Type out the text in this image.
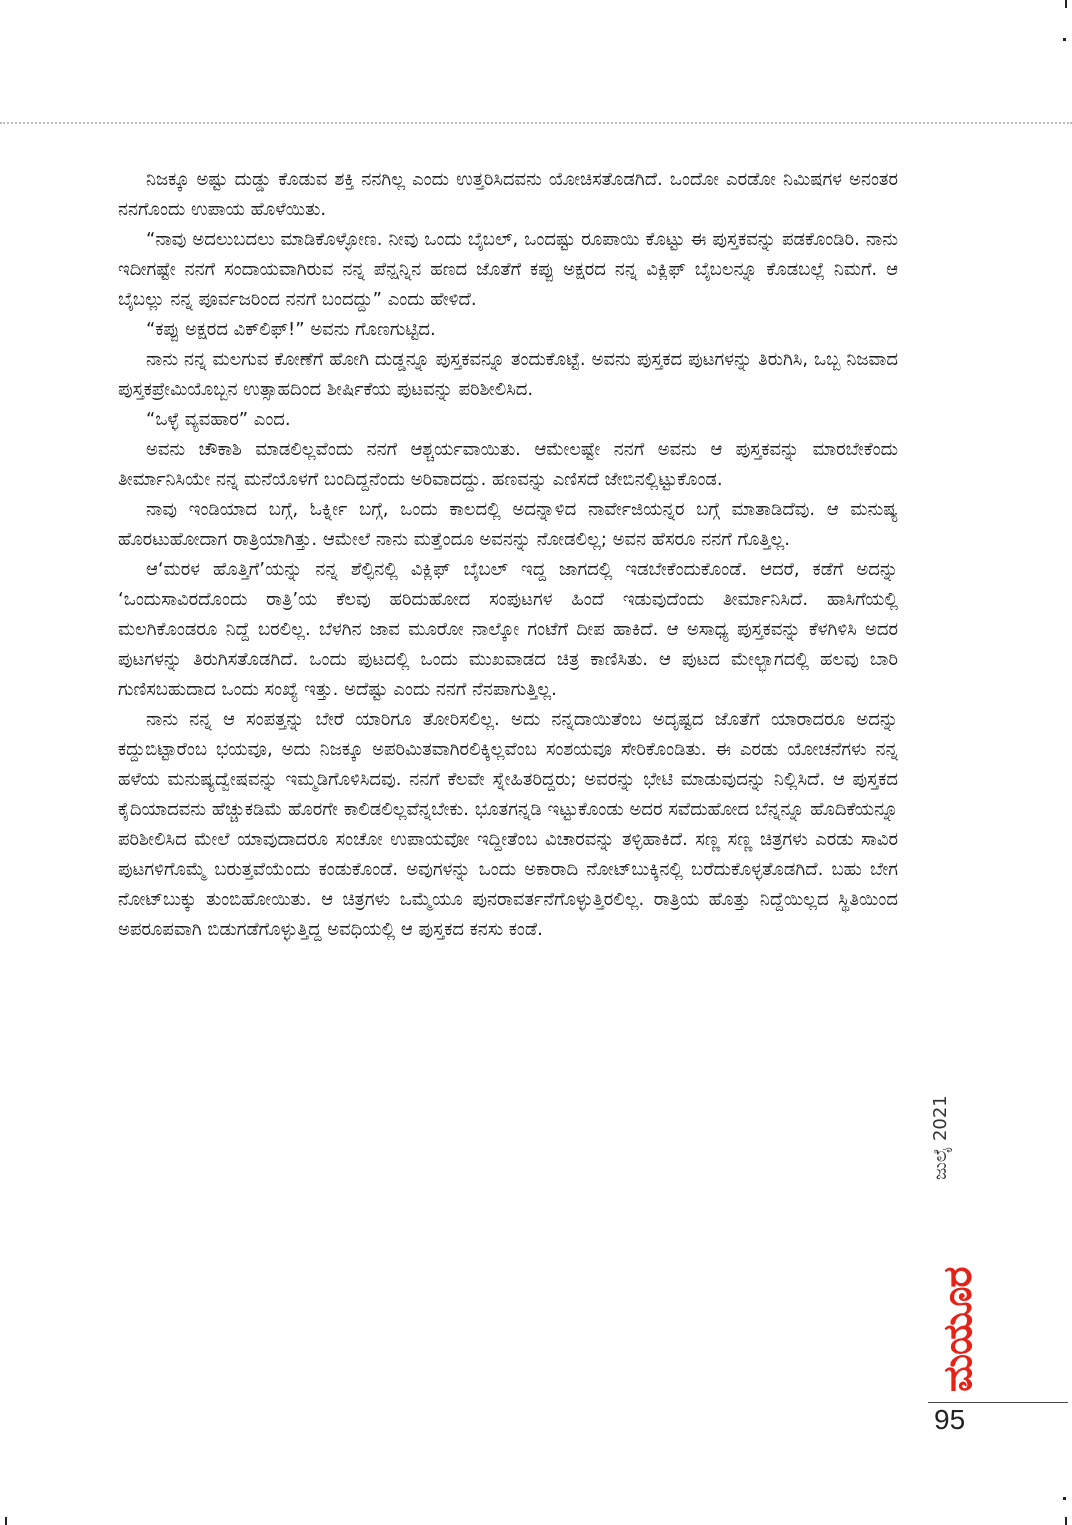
ನಿಜಕ್ಕೂ ಅಷ್ಟು ದುಡ್ಡು ಕೊಡುವ ಶಕ್ತಿ ನನಗಿಲ್ಲ ಎಂದು ಉತ್ತರಿಸಿದವನು ಯೋಚಿಸತೊಡಗಿದೆ. ಒಂದೋ ಎರಡೋ ನಿಮಿಷಗಳ ಅನಂತರ ನನಗೊಂದು ಉಪಾಯ ಹೊಳೆಯಿತು.

“ನಾವು ಅದಲುಬದಲು ಮಾಡಿಕೊಳ್ಳೋಣ. ನೀವು ಒಂದು ಬೈಬಲ್, ಒಂದಷ್ಟು ರೂಪಾಯಿ ಕೊಟ್ಟು ಈ ಪುಸ್ತಕವನ್ನು ಪಡಕೊಂಡಿರಿ. ನಾನು ಇದೀಗಷ್ಟೇ ನನಗೆ ಸಂದಾಯವಾಗಿರುವ ನನ್ನ ಪೆನ್ಷನ್ನಿನ ಹಣದ ಜೊತೆಗೆ ಕಪ್ಪು ಅಕ್ಷರದ ನನ್ನ ವಿಕ್ಲಿಫ್ ಬೈಬಲನ್ನೂ ಕೊಡಬಲ್ಲೆ ನಿಮಗೆ. ಆ ಬೈಬಲ್ಲು ನನ್ನ ಪೂರ್ವಜರಿಂದ ನನಗೆ ಬಂದದ್ದು” ಎಂದು ಹೇಳಿದೆ.

“ಕಪ್ಪು ಅಕ್ಷರದ ವಿಕ್‌ಲಿಫ್!” ಅವನು ಗೊಣಗುಟ್ಟಿದ.

ನಾನು ನನ್ನ ಮಲಗುವ ಕೋಣೆಗೆ ಹೋಗಿ ದುಡ್ಡನ್ನೂ ಪುಸ್ತಕವನ್ನೂ ತಂದುಕೊಟ್ಟೆ. ಅವನು ಪುಸ್ತಕದ ಪುಟಗಳನ್ನು ತಿರುಗಿಸಿ, ಒಬ್ಬ ನಿಜವಾದ ಪುಸ್ತಕಪ್ರೇಮಿಯೊಬ್ಬನ ಉತ್ಸಾಹದಿಂದ ಶೀರ್ಷಿಕೆಯ ಪುಟವನ್ನು ಪರಿಶೀಲಿಸಿದ.

“ಒಳ್ಳೆ ವ್ಯವಹಾರ” ಎಂದ.

ಅವನು ಚೌಕಾಶಿ ಮಾಡಲಿಲ್ಲವೆಂದು ನನಗೆ ಆಶ್ಚರ್ಯವಾಯಿತು. ಆಮೇಲಷ್ಟೇ ನನಗೆ ಅವನು ಆ ಪುಸ್ತಕವನ್ನು ಮಾರಬೇಕೆಂದು ತೀರ್ಮಾನಿಸಿಯೇ ನನ್ನ ಮನೆಯೊಳಗೆ ಬಂದಿದ್ದನೆಂದು ಅರಿವಾದದ್ದು. ಹಣವನ್ನು ಎಣಿಸದೆ ಜೇಬಿನಲ್ಲಿಟ್ಟುಕೊಂಡ.

ನಾವು ಇಂಡಿಯಾದ ಬಗ್ಗೆ, ಓರ್ಕ್ನೀ ಬಗ್ಗೆ, ಒಂದು ಕಾಲದಲ್ಲಿ ಅದನ್ನಾಳಿದ ನಾರ್ವೇಜಿಯನ್ನರ ಬಗ್ಗೆ ಮಾತಾಡಿದೆವು. ಆ ಮನುಷ್ಯ ಹೊರಟುಹೋದಾಗ ರಾತ್ರಿಯಾಗಿತ್ತು. ಆಮೇಲೆ ನಾನು ಮತ್ತೆಂದೂ ಅವನನ್ನು ನೋಡಲಿಲ್ಲ; ಅವನ ಹೆಸರೂ ನನಗೆ ಗೊತ್ತಿಲ್ಲ.

ಆ‘ಮರಳ ಹೊತ್ತಿಗೆ’ಯನ್ನು ನನ್ನ ಶೆಲ್ಫಿನಲ್ಲಿ ವಿಕ್ಲಿಫ್ ಬೈಬಲ್ ಇದ್ದ ಜಾಗದಲ್ಲಿ ಇಡಬೇಕೆಂದುಕೊಂಡೆ. ಆದರೆ, ಕಡೆಗೆ ಅದನ್ನು ‘ಒಂದುಸಾವಿರದೊಂದು ರಾತ್ರಿ’ಯ ಕೆಲವು ಹರಿದುಹೋದ ಸಂಪುಟಗಳ ಹಿಂದೆ ಇಡುವುದೆಂದು ತೀರ್ಮಾನಿಸಿದೆ. ಹಾಸಿಗೆಯಲ್ಲಿ ಮಲಗಿಕೊಂಡರೂ ನಿದ್ದೆ ಬರಲಿಲ್ಲ. ಬೆಳಗಿನ ಜಾವ ಮೂರೋ ನಾಲ್ಕೋ ಗಂಟೆಗೆ ದೀಪ ಹಾಕಿದೆ. ಆ ಅಸಾಧ್ಯ ಪುಸ್ತಕವನ್ನು ಕೆಳಗಿಳಿಸಿ ಅದರ ಪುಟಗಳನ್ನು ತಿರುಗಿಸತೊಡಗಿದೆ. ಒಂದು ಪುಟದಲ್ಲಿ ಒಂದು ಮುಖವಾಡದ ಚಿತ್ರ ಕಾಣಿಸಿತು. ಆ ಪುಟದ ಮೇಲ್ಭಾಗದಲ್ಲಿ ಹಲವು ಬಾರಿ ಗುಣಿಸಬಹುದಾದ ಒಂದು ಸಂಖ್ಯೆ ಇತ್ತು. ಅದೆಷ್ಟು ಎಂದು ನನಗೆ ನೆನಪಾಗುತ್ತಿಲ್ಲ.

ನಾನು ನನ್ನ ಆ ಸಂಪತ್ತನ್ನು ಬೇರೆ ಯಾರಿಗೂ ತೋರಿಸಲಿಲ್ಲ. ಅದು ನನ್ನದಾಯಿತೆಂಬ ಅದೃಷ್ಟದ ಜೊತೆಗೆ ಯಾರಾದರೂ ಅದನ್ನು ಕದ್ದುಬಿಟ್ಟಾರೆಂಬ ಭಯವೂ, ಅದು ನಿಜಕ್ಕೂ ಅಪರಿಮಿತವಾಗಿರಲಿಕ್ಕಿಲ್ಲವೆಂಬ ಸಂಶಯವೂ ಸೇರಿಕೊಂಡಿತು. ಈ ಎರಡು ಯೋಚನೆಗಳು ನನ್ನ ಹಳೆಯ ಮನುಷ್ಯದ್ವೇಷವನ್ನು ಇಮ್ಮಡಿಗೊಳಿಸಿದವು. ನನಗೆ ಕೆಲವೇ ಸ್ನೇಹಿತರಿದ್ದರು; ಅವರನ್ನು ಭೇಟಿ ಮಾಡುವುದನ್ನು ನಿಲ್ಲಿಸಿದೆ. ಆ ಪುಸ್ತಕದ ಕೈದಿಯಾದವನು ಹೆಚ್ಚುಕಡಿಮೆ ಹೊರಗೇ ಕಾಲಿಡಲಿಲ್ಲವೆನ್ನಬೇಕು. ಭೂತಗನ್ನಡಿ ಇಟ್ಟುಕೊಂಡು ಅದರ ಸವೆದುಹೋದ ಬೆನ್ನನ್ನೂ ಹೊದಿಕೆಯನ್ನೂ ಪರಿಶೀಲಿಸಿದ ಮೇಲೆ ಯಾವುದಾದರೂ ಸಂಚೋ ಉಪಾಯವೋ ಇದ್ದೀತೆಂಬ ವಿಚಾರವನ್ನು ತಳ್ಳಿಹಾಕಿದೆ. ಸಣ್ಣ ಸಣ್ಣ ಚಿತ್ರಗಳು ಎರಡು ಸಾವಿರ ಪುಟಗಳಿಗೊಮ್ಮೆ ಬರುತ್ತವೆಯೆಂದು ಕಂಡುಕೊಂಡೆ. ಅವುಗಳನ್ನು ಒಂದು ಅಕಾರಾದಿ ನೋಟ್‌ಬುಕ್ಕಿನಲ್ಲಿ ಬರೆದುಕೊಳ್ಳತೊಡಗಿದೆ. ಬಹು ಬೇಗ ನೋಟ್‌ಬುಕ್ಕು ತುಂಬಿಹೋಯಿತು. ಆ ಚಿತ್ರಗಳು ಒಮ್ಮೆಯೂ ಪುನರಾವರ್ತನೆಗೊಳ್ಳುತ್ತಿರಲಿಲ್ಲ. ರಾತ್ರಿಯ ಹೊತ್ತು ನಿದ್ದೆಯಿಲ್ಲದ ಸ್ಥಿತಿಯಿಂದ ಅಪರೂಪವಾಗಿ ಬಿಡುಗಡೆಗೊಳ್ಳುತ್ತಿದ್ದ ಅವಧಿಯಲ್ಲಿ ಆ ಪುಸ್ತಕದ ಕನಸು ಕಂಡೆ.

ಜುಲೈ 2021
ಮಯೂರ
95
